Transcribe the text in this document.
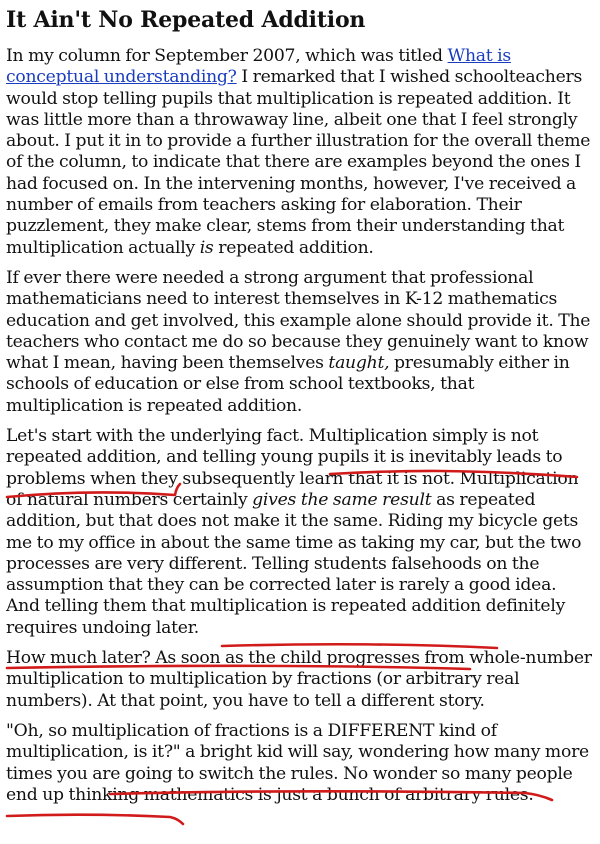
It Ain't No Repeated Addition

In my column for September 2007, which was titled What is conceptual understanding? I remarked that I wished schoolteachers would stop telling pupils that multiplication is repeated addition. It was little more than a throwaway line, albeit one that I feel strongly about. I put it in to provide a further illustration for the overall theme of the column, to indicate that there are examples beyond the ones I had focused on. In the intervening months, however, I've received a number of emails from teachers asking for elaboration. Their puzzlement, they make clear, stems from their understanding that multiplication actually is repeated addition.

If ever there were needed a strong argument that professional mathematicians need to interest themselves in K-12 mathematics education and get involved, this example alone should provide it. The teachers who contact me do so because they genuinely want to know what I mean, having been themselves taught, presumably either in schools of education or else from school textbooks, that multiplication is repeated addition.

Let's start with the underlying fact. Multiplication simply is not repeated addition, and telling young pupils it is inevitably leads to problems when they subsequently learn that it is not. Multiplication of natural numbers certainly gives the same result as repeated addition, but that does not make it the same. Riding my bicycle gets me to my office in about the same time as taking my car, but the two processes are very different. Telling students falsehoods on the assumption that they can be corrected later is rarely a good idea. And telling them that multiplication is repeated addition definitely requires undoing later.

How much later? As soon as the child progresses from whole-number multiplication to multiplication by fractions (or arbitrary real numbers). At that point, you have to tell a different story.

"Oh, so multiplication of fractions is a DIFFERENT kind of multiplication, is it?" a bright kid will say, wondering how many more times you are going to switch the rules. No wonder so many people end up thinking mathematics is just a bunch of arbitrary rules.
